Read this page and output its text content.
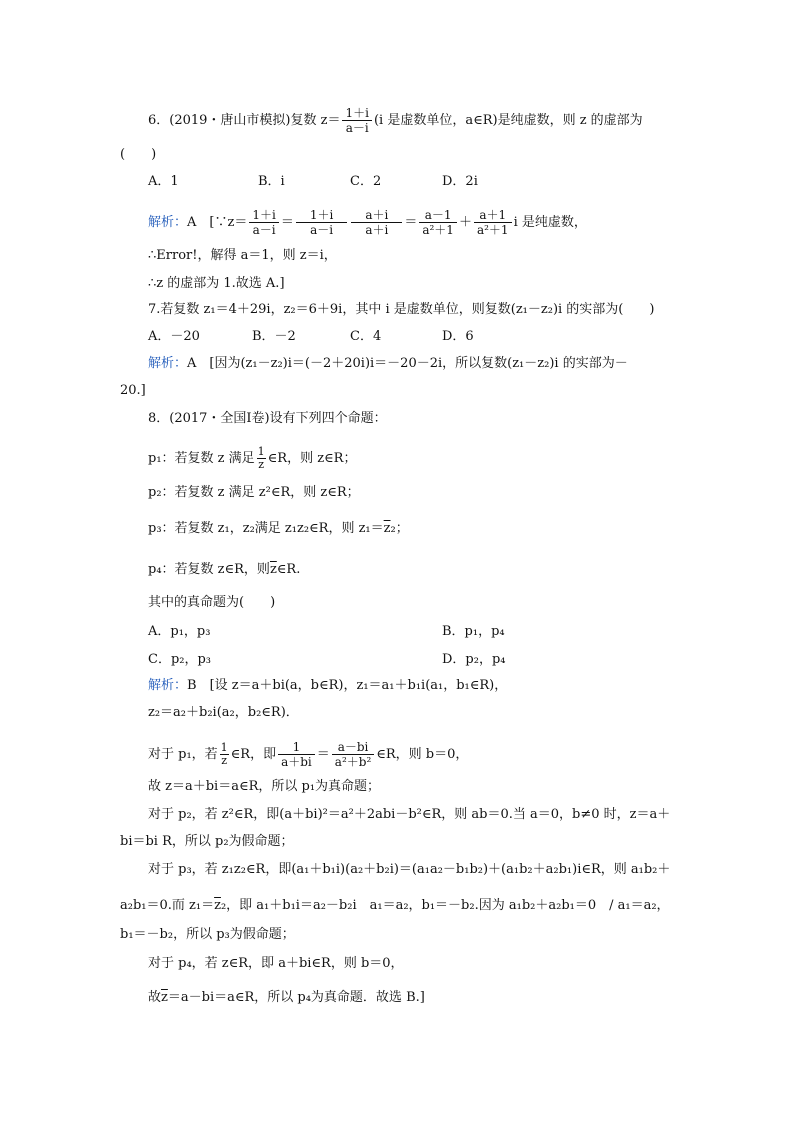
6．(2019・唐山市模拟)复数 $z= \frac{1+i}{a-i} (i$ 是虚数单位，a∈R)是纯虚数，则 z 的虚部为
(　　)
A．1	B．i	C．2	D．2i
解析：A　[∵z＝ $\frac{1+i}{a-i} = \frac{1+i}{a-i} \frac{a+i}{a+i} = \frac{a-1}{\text{a²＋1}} + \frac{a+1}{\text{a²＋1}}$ i 是纯虚数，
∴Error!，解得 a＝1，则 z＝i，
∴z 的虚部为 1.故选 A.]
7.若复数 z₁＝4＋29i，z₂＝6＋9i，其中 i 是虚数单位，则复数(z₁－z₂)i 的实部为(　　)
A．－20	B．－2	C．4	D．6
解析：A　[因为(z₁－z₂)i＝(－2＋20i)i＝－20－2i，所以复数(z₁－z₂)i 的实部为－
20.]
8．(2017・全国Ⅰ卷)设有下列四个命题：
p₁：若复数 z 满足 $\frac{1}{z}$ ∈R，则 z∈R；
p₂：若复数 z 满足 z²∈R，则 z∈R；
p₃：若复数 z₁，z₂满足 z₁z₂∈R，则 $z_1=\overline{z}_2$；
p₄：若复数 z∈R，则$\overline{z}\in R$.
其中的真命题为(　　)
A．p₁，p₃	B．p₁，p₄
C．p₂，p₃	D．p₂，p₄
解析：B　[设 z＝a＋bi(a，b∈R)，z₁＝a₁＋b₁i(a₁，b₁∈R)，
z₂＝a₂＋b₂i(a₂，b₂∈R)．
对于 p₁，若 $\frac{1}{z}$ ∈R，即 $\frac{1}{a+bi} = \frac{a-bi}{\text{a²＋b²}}$ ∈R，则 b＝0，
故 z＝a＋bi＝a∈R，所以 p₁为真命题；
对于 p₂，若 z²∈R，即(a＋bi)²＝a²＋2abi－b²∈R，则 ab＝0.当 a＝0，b≠0 时，z＝a＋
bi＝bi R，所以 p₂为假命题；
对于 p₃，若 z₁z₂∈R，即(a₁＋b₁i)(a₂＋b₂i)＝(a₁a₂－b₁b₂)＋(a₁b₂＋a₂b₁)i∈R，则 a₁b₂＋
a₂b₁＝0.而 $z_1=\overline{z}_2$，即 a₁＋b₁i＝a₂－b₂i　a₁＝a₂，b₁＝－b₂.因为 a₁b₂＋a₂b₁＝0　/ a₁＝a₂，
b₁＝－b₂，所以 p₃为假命题；
对于 p₄，若 z∈R，即 a＋bi∈R，则 b＝0，
故$\overline{z}=a-bi=a\in R$，所以 p₄为真命题．故选 B.]
